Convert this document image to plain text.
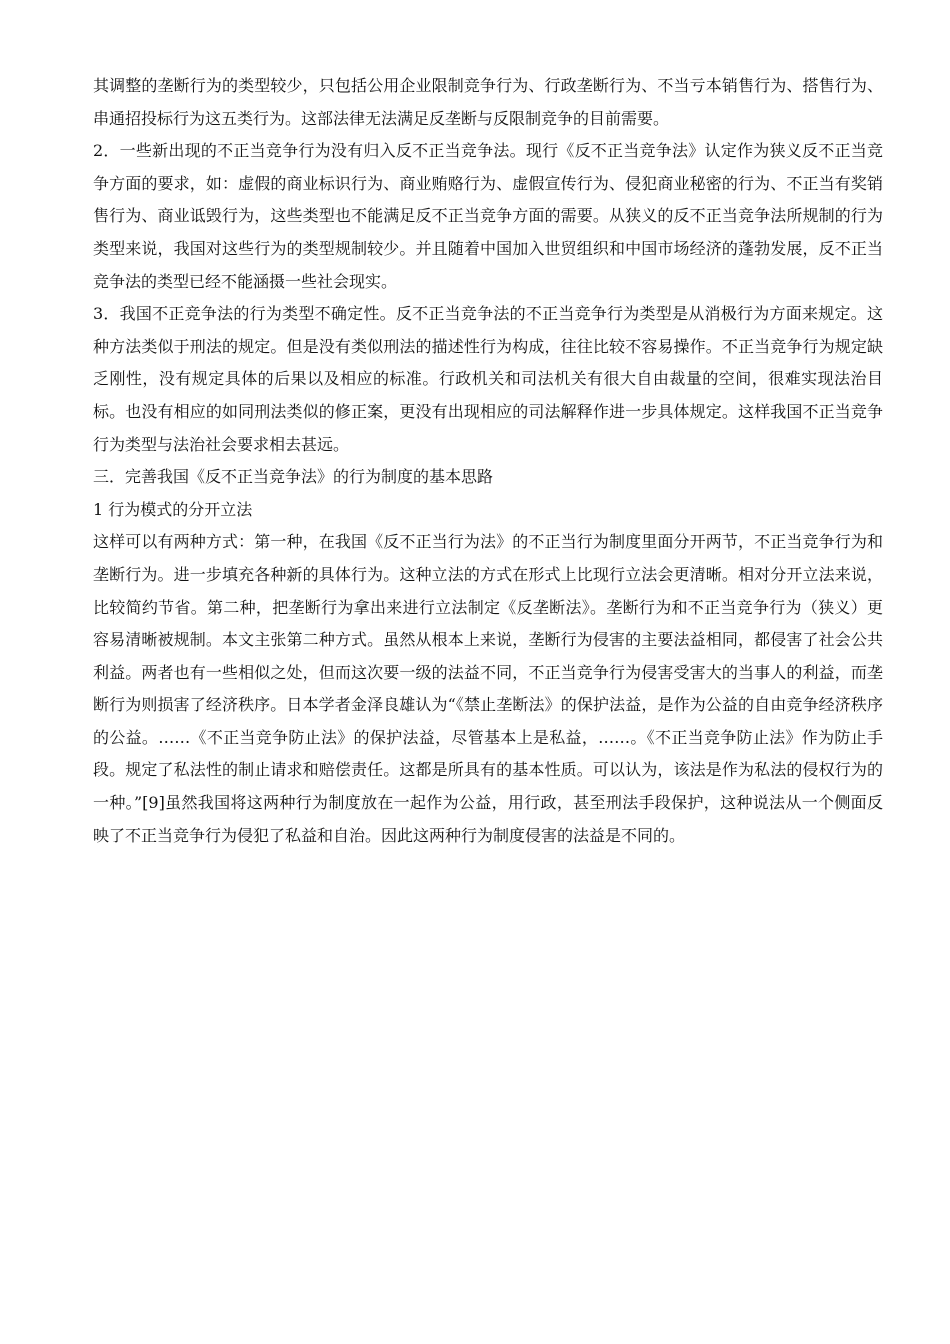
其调整的垄断行为的类型较少，只包括公用企业限制竞争行为、行政垄断行为、不当亏本销售行为、搭售行为、串通招投标行为这五类行为。这部法律无法满足反垄断与反限制竞争的目前需要。

2．一些新出现的不正当竞争行为没有归入反不正当竞争法。现行《反不正当竞争法》认定作为狭义反不正当竞争方面的要求，如：虚假的商业标识行为、商业贿赂行为、虚假宣传行为、侵犯商业秘密的行为、不正当有奖销售行为、商业诋毁行为，这些类型也不能满足反不正当竞争方面的需要。从狭义的反不正当竞争法所规制的行为类型来说，我国对这些行为的类型规制较少。并且随着中国加入世贸组织和中国市场经济的蓬勃发展，反不正当竞争法的类型已经不能涵摄一些社会现实。

3．我国不正竞争法的行为类型不确定性。反不正当竞争法的不正当竞争行为类型是从消极行为方面来规定。这种方法类似于刑法的规定。但是没有类似刑法的描述性行为构成，往往比较不容易操作。不正当竞争行为规定缺乏刚性，没有规定具体的后果以及相应的标准。行政机关和司法机关有很大自由裁量的空间，很难实现法治目标。也没有相应的如同刑法类似的修正案，更没有出现相应的司法解释作进一步具体规定。这样我国不正当竞争行为类型与法治社会要求相去甚远。

三．完善我国《反不正当竞争法》的行为制度的基本思路

1 行为模式的分开立法

这样可以有两种方式：第一种，在我国《反不正当行为法》的不正当行为制度里面分开两节，不正当竞争行为和垄断行为。进一步填充各种新的具体行为。这种立法的方式在形式上比现行立法会更清晰。相对分开立法来说，比较简约节省。第二种，把垄断行为拿出来进行立法制定《反垄断法》。垄断行为和不正当竞争行为（狭义）更容易清晰被规制。本文主张第二种方式。虽然从根本上来说，垄断行为侵害的主要法益相同，都侵害了社会公共利益。两者也有一些相似之处，但而这次要一级的法益不同，不正当竞争行为侵害受害大的当事人的利益，而垄断行为则损害了经济秩序。日本学者金泽良雄认为“《禁止垄断法》的保护法益，是作为公益的自由竞争经济秩序的公益。……《不正当竞争防止法》的保护法益，尽管基本上是私益，……。《不正当竞争防止法》作为防止手段。规定了私法性的制止请求和赔偿责任。这都是所具有的基本性质。可以认为，该法是作为私法的侵权行为的一种。”[9]虽然我国将这两种行为制度放在一起作为公益，用行政，甚至刑法手段保护，这种说法从一个侧面反映了不正当竞争行为侵犯了私益和自治。因此这两种行为制度侵害的法益是不同的。
